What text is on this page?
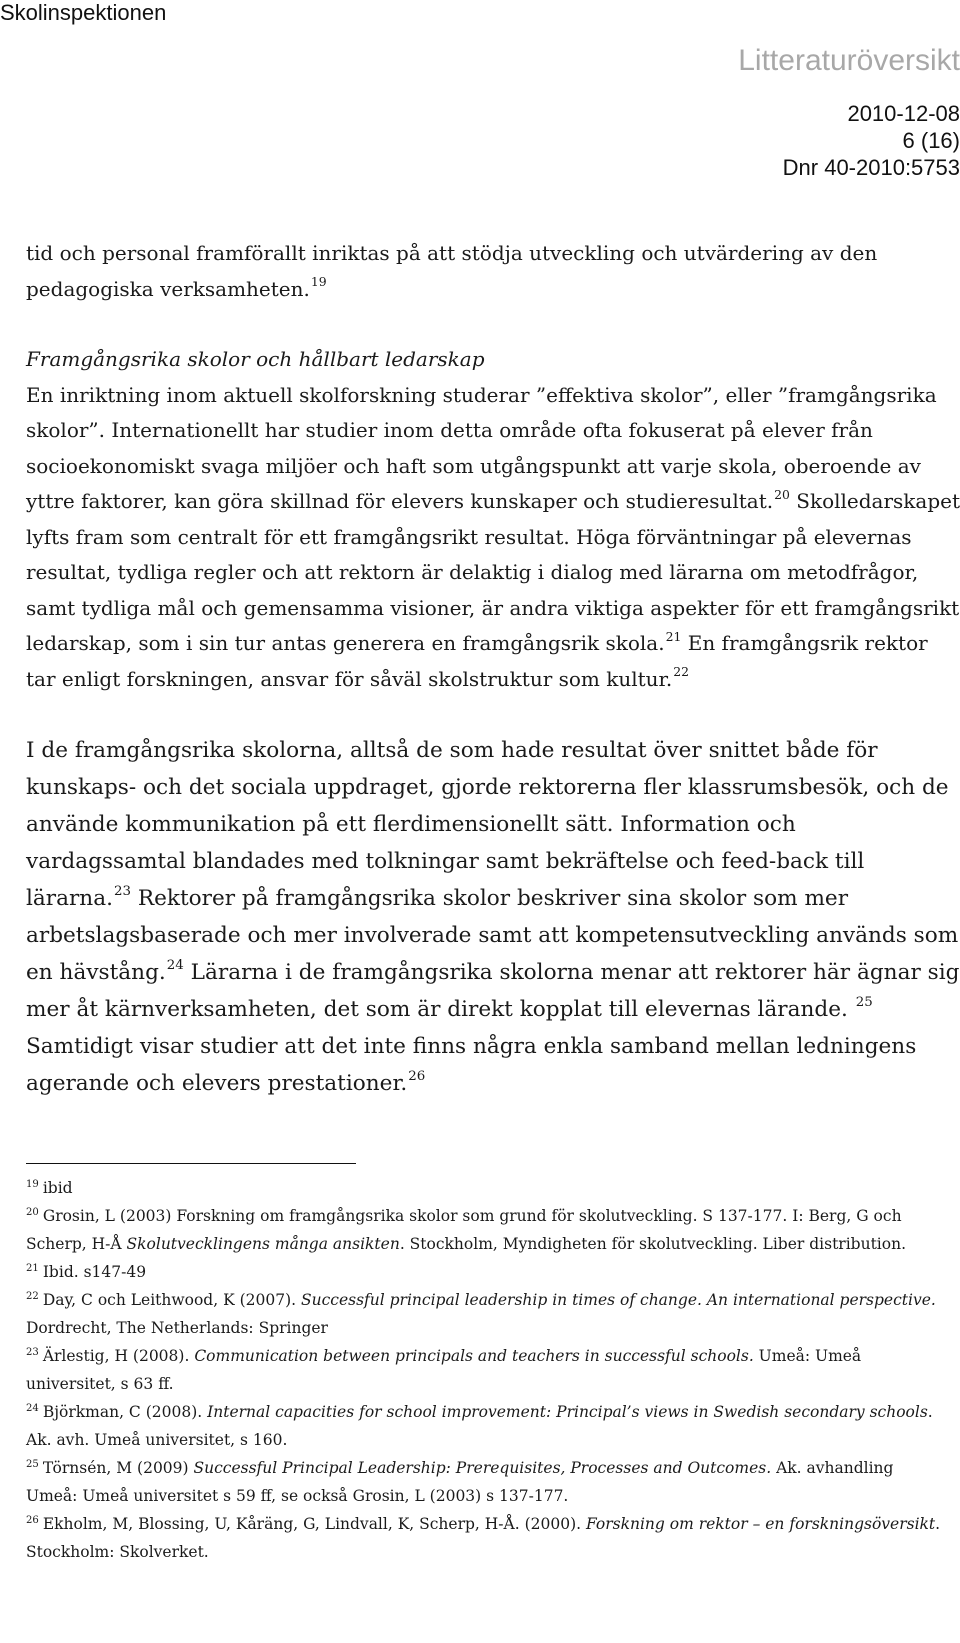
Skolinspektionen
Litteraturöversikt
2010-12-08
6 (16)
Dnr 40-2010:5753

tid och personal framförallt inriktas på att stödja utveckling och utvärdering av den pedagogiska verksamheten.$^{19}$

Framgångsrika skolor och hållbart ledarskap

En inriktning inom aktuell skolforskning studerar ”effektiva skolor”, eller ”framgångsrika skolor”. Internationellt har studier inom detta område ofta fokuserat på elever från socioekonomiskt svaga miljöer och haft som utgångspunkt att varje skola, oberoende av yttre faktorer, kan göra skillnad för elevers kunskaper och studieresultat.$^{20}$ Skolledarskapet lyfts fram som centralt för ett framgångsrikt resultat. Höga förväntningar på elevernas resultat, tydliga regler och att rektorn är delaktig i dialog med lärarna om metodfrågor, samt tydliga mål och gemensamma visioner, är andra viktiga aspekter för ett framgångsrikt ledarskap, som i sin tur antas generera en framgångsrik skola.$^{21}$ En framgångsrik rektor tar enligt forskningen, ansvar för såväl skolstruktur som kultur.$^{22}$

I de framgångsrika skolorna, alltså de som hade resultat över snittet både för kunskaps- och det sociala uppdraget, gjorde rektorerna fler klassrumsbesök, och de använde kommunikation på ett flerdimensionellt sätt. Information och vardagssamtal blandades med tolkningar samt bekräftelse och feed-back till lärarna.$^{23}$ Rektorer på framgångsrika skolor beskriver sina skolor som mer arbetslagsbaserade och mer involverade samt att kompetensutveckling används som en hävstång.$^{24}$ Lärarna i de framgångsrika skolorna menar att rektorer här ägnar sig mer åt kärnverksamheten, det som är direkt kopplat till elevernas lärande. $^{25}$ Samtidigt visar studier att det inte finns några enkla samband mellan ledningens agerande och elevers prestationer.$^{26}$

$^{19}$ ibid

$^{20}$ Grosin, L (2003) Forskning om framgångsrika skolor som grund för skolutveckling. S 137-177. I: Berg, G och Scherp, H-Å Skolutvecklingens många ansikten. Stockholm, Myndigheten för skolutveckling. Liber distribution.

$^{21}$ Ibid. s147-49

$^{22}$ Day, C och Leithwood, K (2007). Successful principal leadership in times of change. An international perspective. Dordrecht, The Netherlands: Springer

$^{23}$ Ärlestig, H (2008). Communication between principals and teachers in successful schools. Umeå: Umeå universitet, s 63 ff.

$^{24}$ Björkman, C (2008). Internal capacities for school improvement: Principal’s views in Swedish secondary schools. Ak. avh. Umeå universitet, s 160.

$^{25}$ Törnsén, M (2009) Successful Principal Leadership: Prerequisites, Processes and Outcomes. Ak. avhandling Umeå: Umeå universitet s 59 ff, se också Grosin, L (2003) s 137-177.

$^{26}$ Ekholm, M, Blossing, U, Kåräng, G, Lindvall, K, Scherp, H-Å. (2000). Forskning om rektor – en forskningsöversikt. Stockholm: Skolverket.
